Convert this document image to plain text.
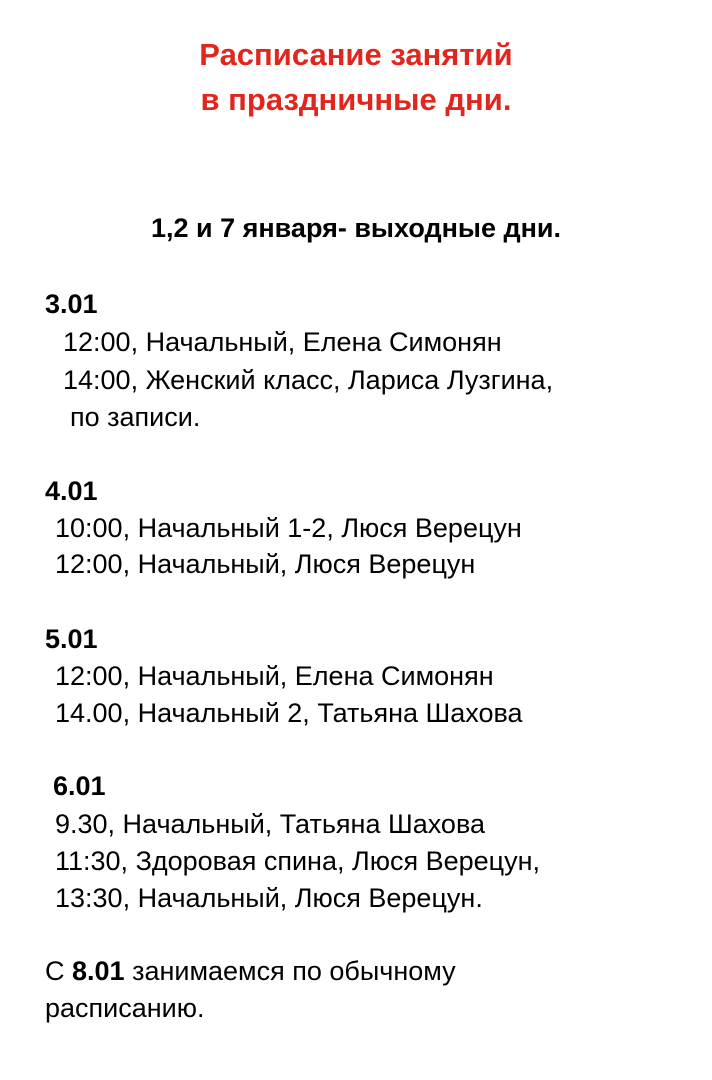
Расписание занятий
в праздничные дни.
1,2 и 7 января- выходные дни.
3.01
12:00, Начальный, Елена Симонян
14:00, Женский класс, Лариса Лузгина,
по записи.
4.01
10:00, Начальный 1-2, Люся Верецун
12:00, Начальный, Люся Верецун
5.01
12:00, Начальный, Елена Симонян
14.00, Начальный 2, Татьяна Шахова
6.01
9.30, Начальный, Татьяна Шахова
11:30, Здоровая спина, Люся Верецун,
13:30, Начальный, Люся Верецун.
С 8.01 занимаемся по обычному
расписанию.
